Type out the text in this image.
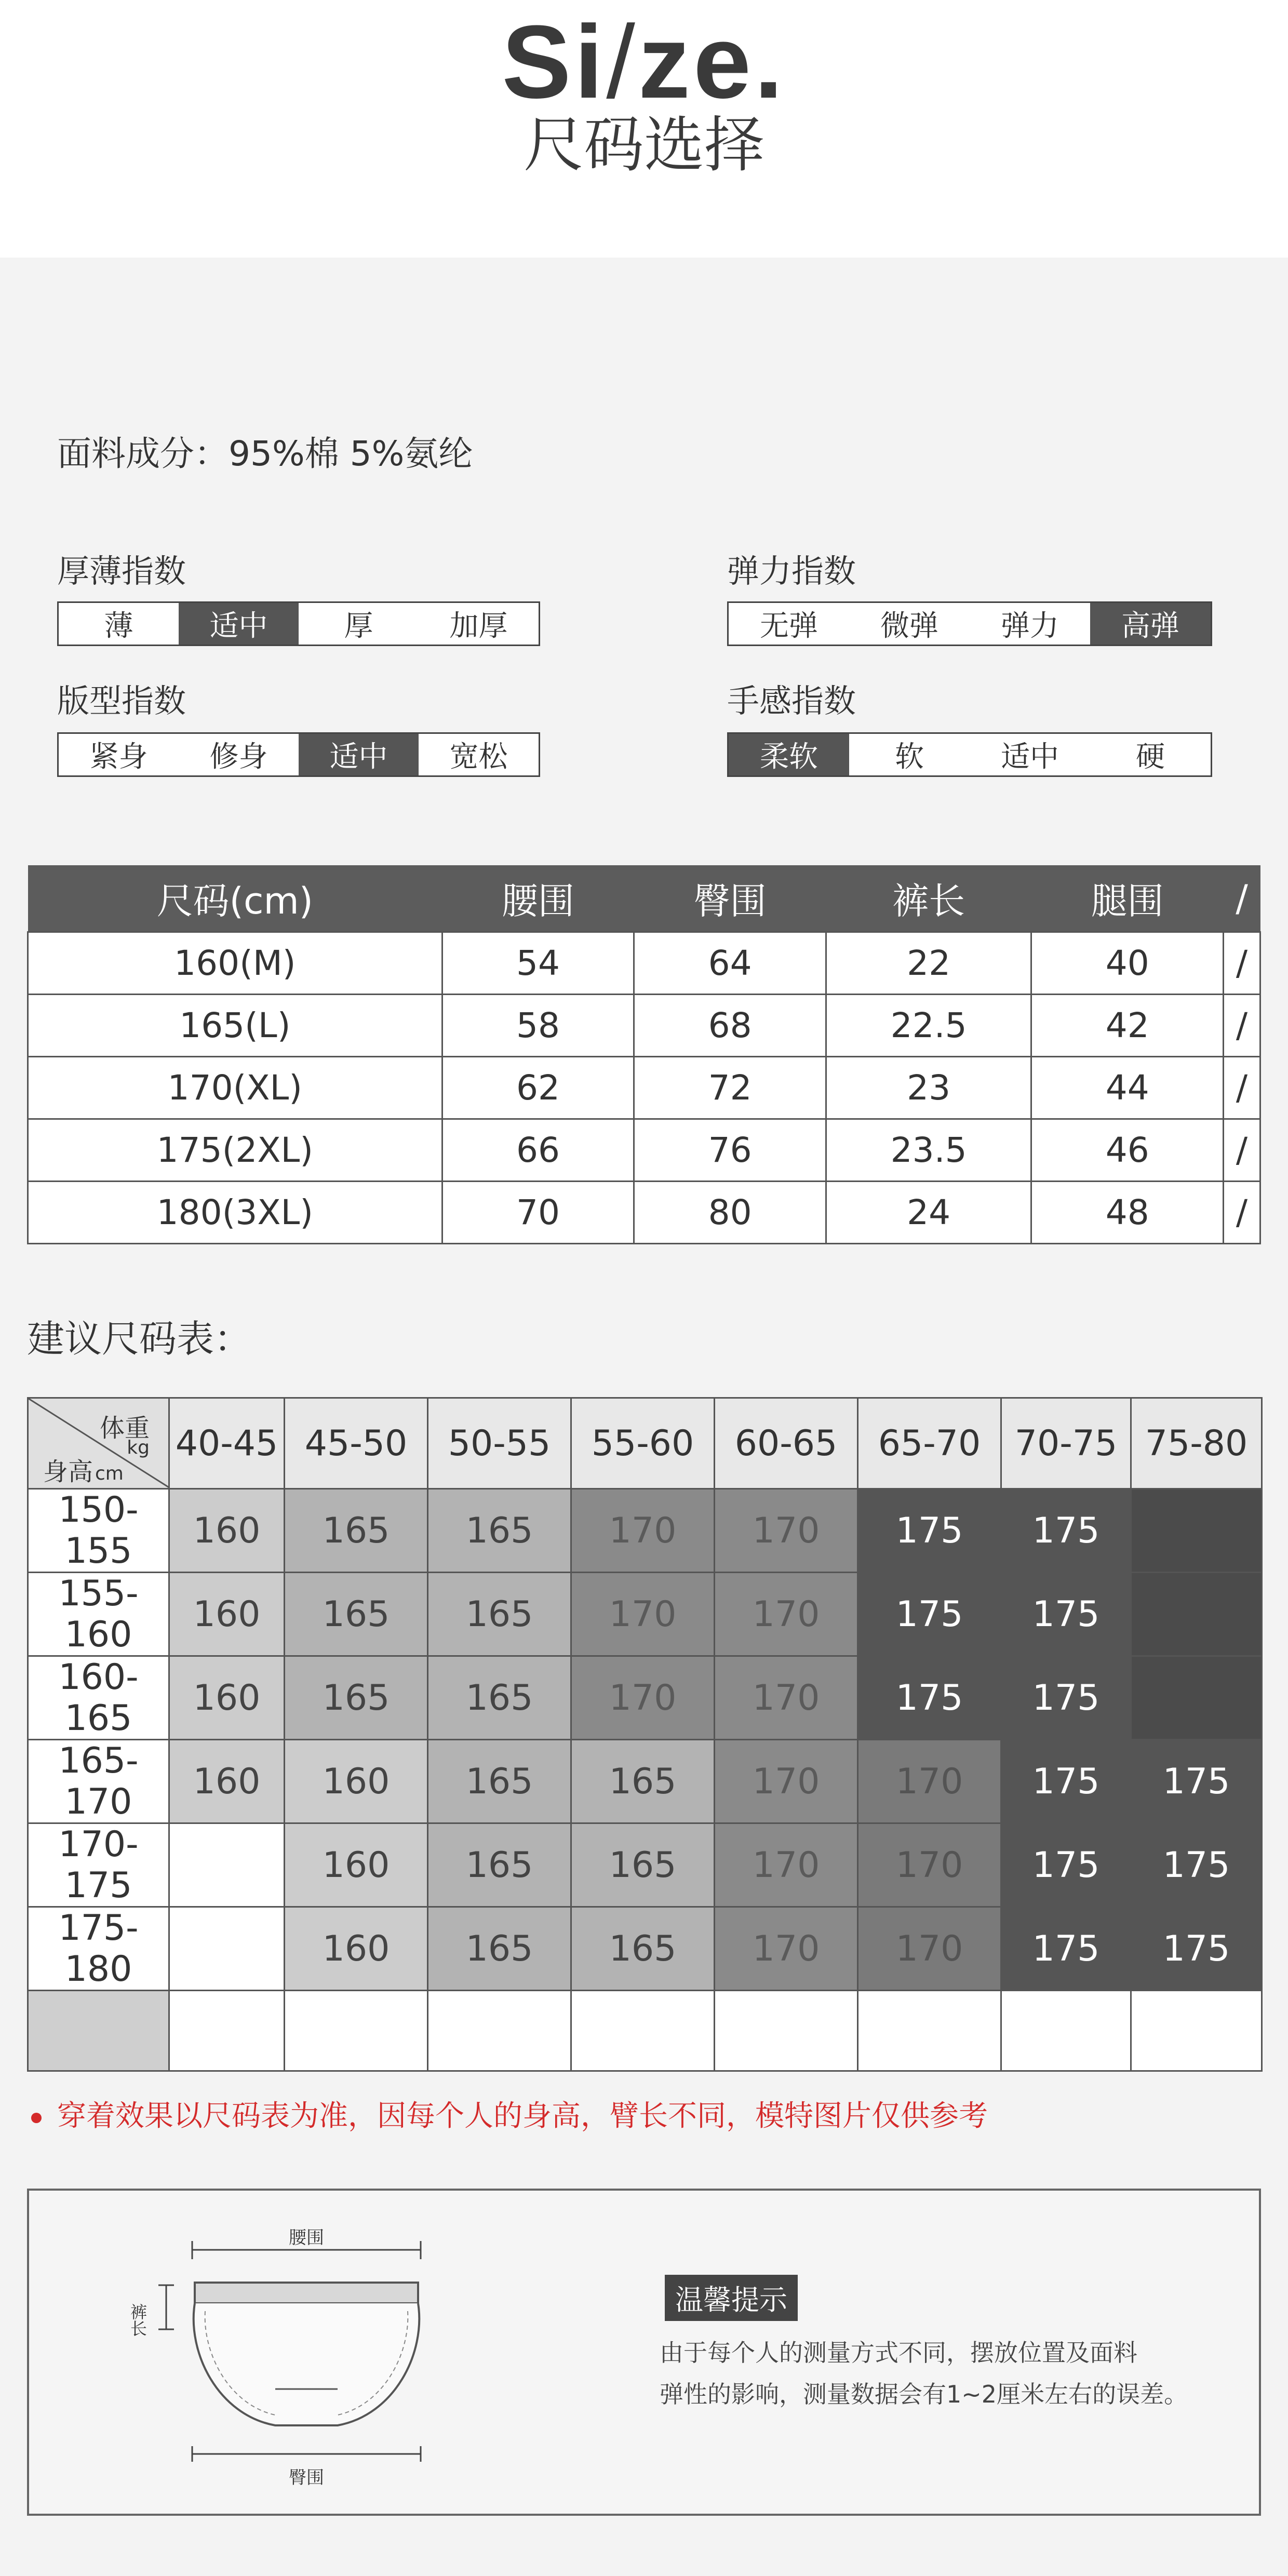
Si/ze.
尺码选择
面料成分：95%棉 5%氨纶
厚薄指数
薄	适中	厚	加厚
弹力指数
无弹	微弹	弹力	高弹
版型指数
紧身	修身	适中	宽松
手感指数
柔软	软	适中	硬
尺码(cm)	腰围	臀围	裤长	腿围	/
160(M)	54	64	22	40	/
165(L)	58	68	22.5	42	/
170(XL)	62	72	23	44	/
175(2XL)	66	76	23.5	46	/
180(3XL)	70	80	24	48	/
建议尺码表：
体重
kg
身高 cm	40-45	45-50	50-55	55-60	60-65	65-70	70-75	75-80
150-155	160	165	165	170	170	175	175	
155-160	160	165	165	170	170	175	175	
160-165	160	165	165	170	170	175	175	
165-170	160	160	165	165	170	170	175	175
170-175		160	165	165	170	170	175	175
175-180		160	165	165	170	170	175	175

穿着效果以尺码表为准，因每个人的身高，臂长不同，模特图片仅供参考
腰围
裤长
臀围
温馨提示
由于每个人的测量方式不同，摆放位置及面料
弹性的影响，测量数据会有1~2厘米左右的误差。
